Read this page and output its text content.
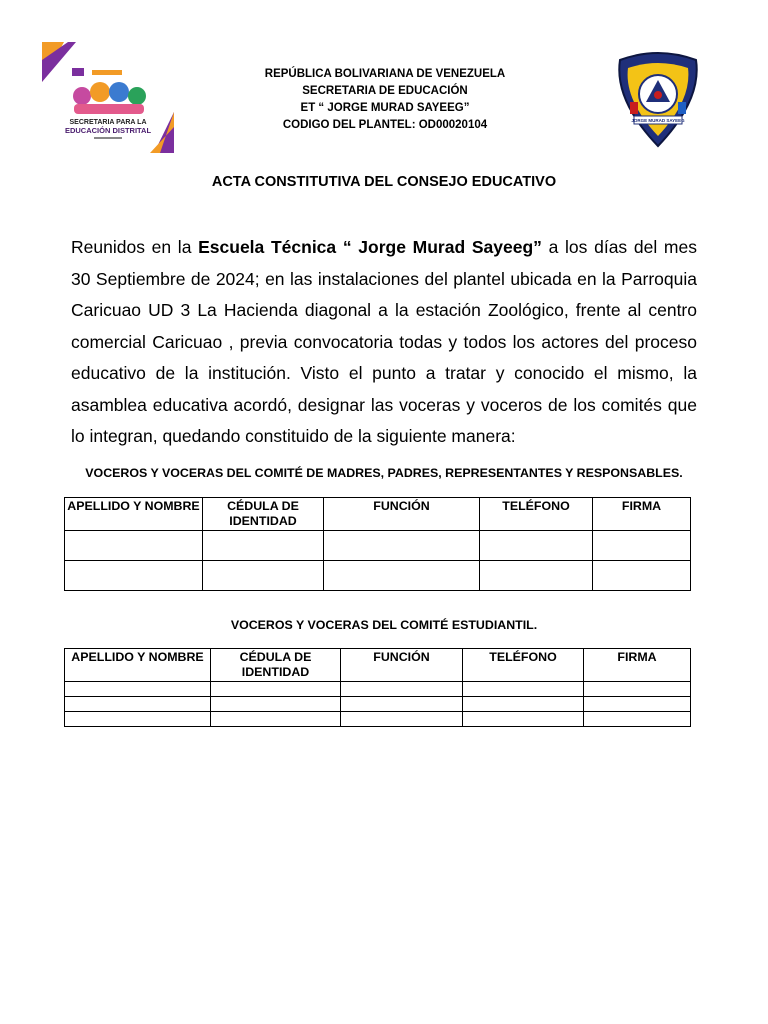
SECRETARIA PARA LA
EDUCACIÓN DISTRITAL
JORGE MURAD SAYEEG
REPÚBLICA BOLIVARIANA DE VENEZUELA
SECRETARIA DE EDUCACIÓN
ET “ JORGE MURAD SAYEEG”
CODIGO DEL PLANTEL: OD00020104
ACTA CONSTITUTIVA DEL CONSEJO EDUCATIVO
Reunidos en la Escuela Técnica “ Jorge Murad Sayeeg” a los días del mes 30 Septiembre de 2024; en las instalaciones del plantel ubicada en la Parroquia Caricuao UD 3 La Hacienda diagonal a la estación Zoológico, frente al centro comercial Caricuao , previa convocatoria todas y todos los actores del proceso educativo de la institución. Visto el punto a tratar y conocido el mismo, la asamblea educativa acordó, designar las voceras y voceros de los comités que lo integran, quedando constituido de la siguiente manera:
VOCEROS Y VOCERAS DEL COMITÉ DE MADRES, PADRES, REPRESENTANTES Y RESPONSABLES.
APELLIDO Y NOMBRE	CÉDULA DE IDENTIDAD	FUNCIÓN	TELÉFONO	FIRMA

VOCEROS Y VOCERAS DEL COMITÉ ESTUDIANTIL.
APELLIDO Y NOMBRE	CÉDULA DE IDENTIDAD	FUNCIÓN	TELÉFONO	FIRMA
